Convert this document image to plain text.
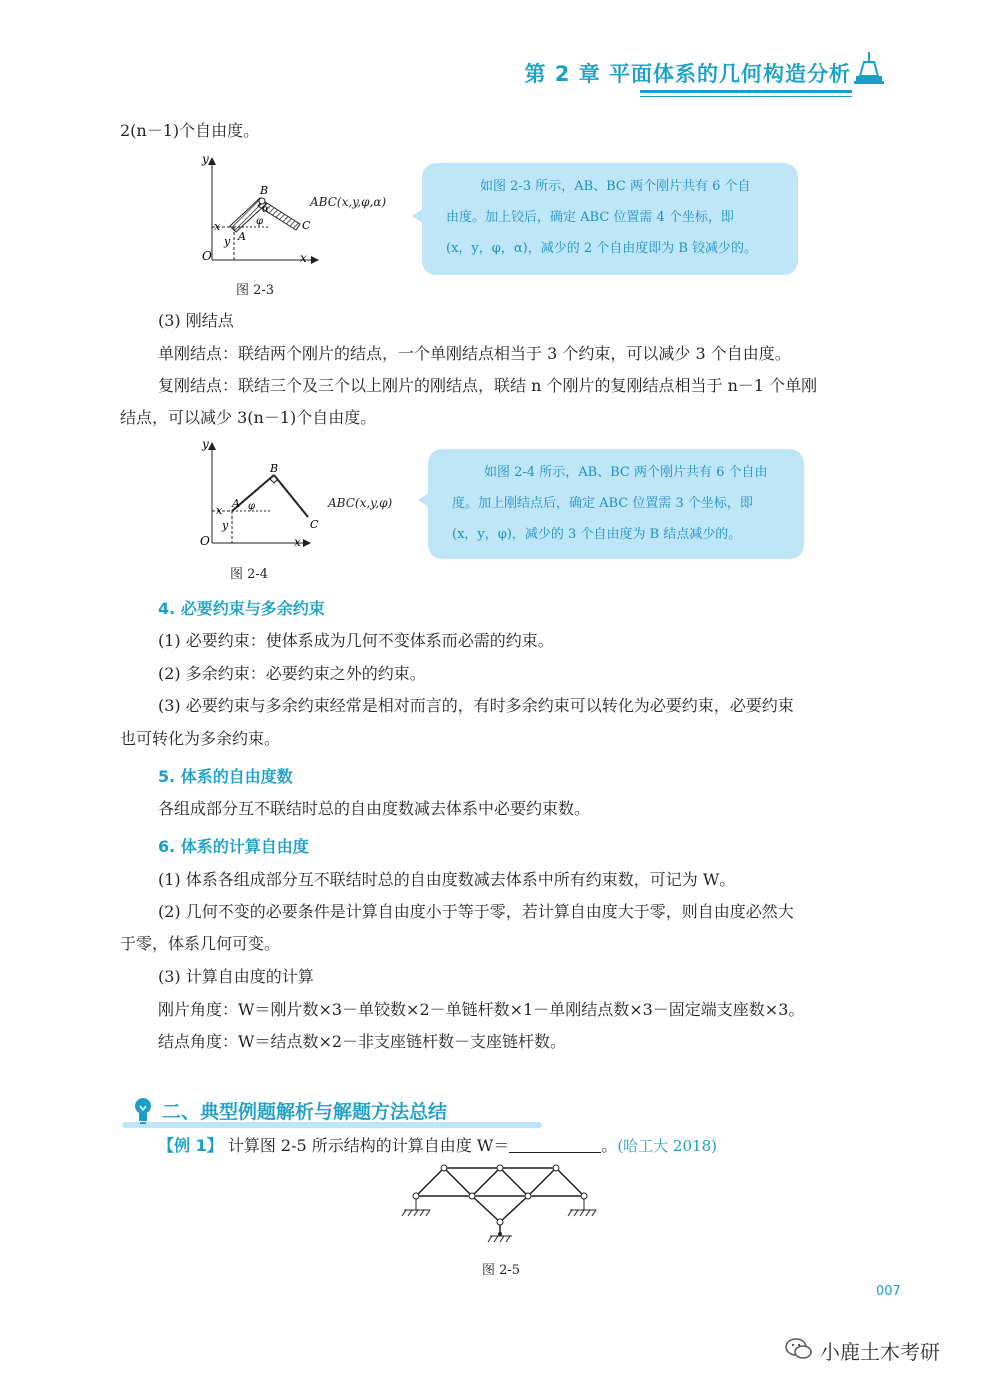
第 2 章 平面体系的几何构造分析
2(n－1)个自由度。
y
x
O
x
y A
B
C
φ
α
ABC(x,y,φ,α)
图 2-3
如图 2-3 所示，AB、BC 两个刚片共有 6 个自
由度。加上铰后，确定 ABC 位置需 4 个坐标，即
(x，y，φ，α)，减少的 2 个自由度即为 B 铰减少的。
(3) 刚结点
单刚结点：联结两个刚片的结点，一个单刚结点相当于 3 个约束，可以减少 3 个自由度。
复刚结点：联结三个及三个以上刚片的刚结点，联结 n 个刚片的复刚结点相当于 n－1 个单刚
结点，可以减少 3(n－1)个自由度。
y
x
O
x
y
A
B
C
φ	ABC(x,y,φ)
图 2-4
如图 2-4 所示，AB、BC 两个刚片共有 6 个自由
度。加上刚结点后，确定 ABC 位置需 3 个坐标，即
(x，y，φ)，减少的 3 个自由度为 B 结点减少的。
4. 必要约束与多余约束
(1) 必要约束：使体系成为几何不变体系而必需的约束。
(2) 多余约束：必要约束之外的约束。
(3) 必要约束与多余约束经常是相对而言的，有时多余约束可以转化为必要约束，必要约束
也可转化为多余约束。
5. 体系的自由度数
各组成部分互不联结时总的自由度数减去体系中必要约束数。
6. 体系的计算自由度
(1) 体系各组成部分互不联结时总的自由度数减去体系中所有约束数，可记为 W。
(2) 几何不变的必要条件是计算自由度小于等于零，若计算自由度大于零，则自由度必然大
于零，体系几何可变。
(3) 计算自由度的计算
刚片角度：W＝刚片数×3－单铰数×2－单链杆数×1－单刚结点数×3－固定端支座数×3。
结点角度：W＝结点数×2－非支座链杆数－支座链杆数。
二、典型例题解析与解题方法总结
【例 1】 计算图 2-5 所示结构的计算自由度 W＝	。(哈工大 2018)
图 2-5
007
小鹿土木考研
